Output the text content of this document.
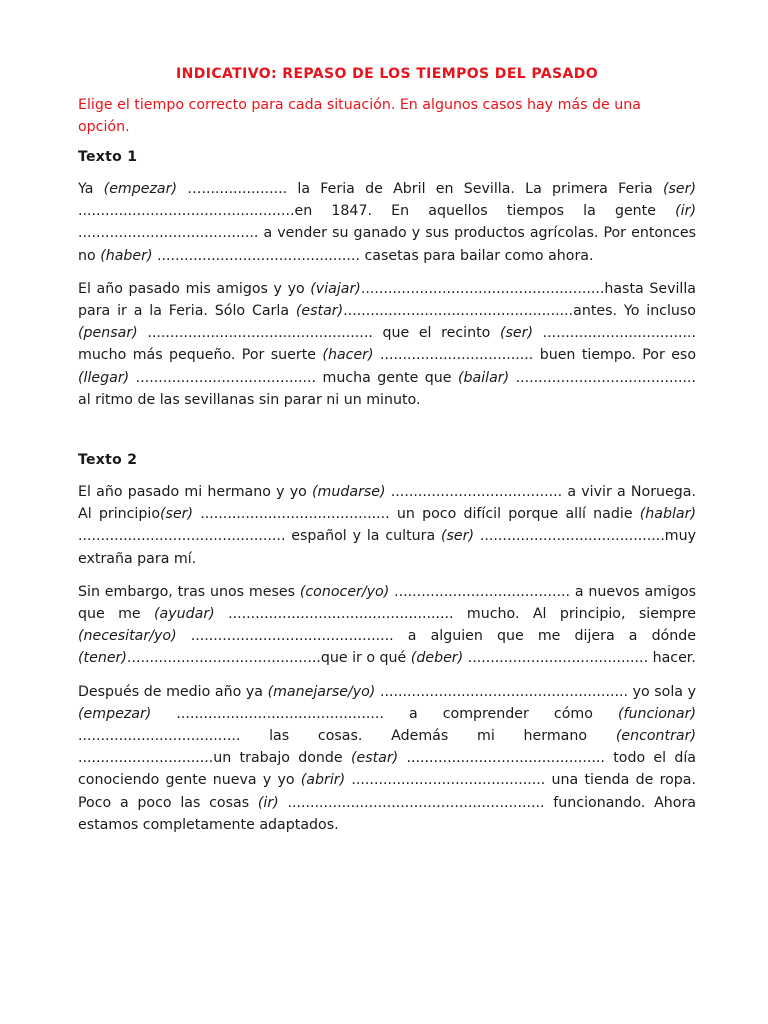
INDICATIVO: REPASO DE LOS TIEMPOS DEL PASADO
Elige el tiempo correcto para cada situación. En algunos casos hay más de una opción.
Texto 1
Ya (empezar) …................... la Feria de Abril en Sevilla. La primera Feria (ser) ................................................en 1847. En aquellos tiempos la gente (ir) ........................................ a vender su ganado y sus productos agrícolas. Por entonces no (haber) ............................................. casetas para bailar como ahora.
El año pasado mis amigos y yo (viajar)......................................................hasta Sevilla para ir a la Feria. Sólo Carla (estar)...................................................antes. Yo incluso (pensar) .................................................. que el recinto (ser) .................................. mucho más pequeño. Por suerte (hacer) .................................. buen tiempo. Por eso (llegar) ........................................ mucha gente que (bailar) ........................................ al ritmo de las sevillanas sin parar ni un minuto.
Texto 2
El año pasado mi hermano y yo (mudarse) ...................................... a vivir a Noruega. Al principio(ser) .......................................... un poco difícil porque allí nadie (hablar) .............................................. español y la cultura (ser) .........................................muy extraña para mí.
Sin embargo, tras unos meses (conocer/yo) ....................................... a nuevos amigos que me (ayudar) .................................................. mucho. Al principio, siempre (necesitar/yo) ............................................. a alguien que me dijera a dónde (tener)...........................................que ir o qué (deber) ........................................ hacer.
Después de medio año ya (manejarse/yo) ....................................................... yo sola y (empezar) .............................................. a comprender cómo (funcionar) .................................... las cosas. Además mi hermano (encontrar) ..............................un trabajo donde (estar) ............................................ todo el día conociendo gente nueva y yo (abrir) ........................................... una tienda de ropa. Poco a poco las cosas (ir) ......................................................... funcionando. Ahora estamos completamente adaptados.
